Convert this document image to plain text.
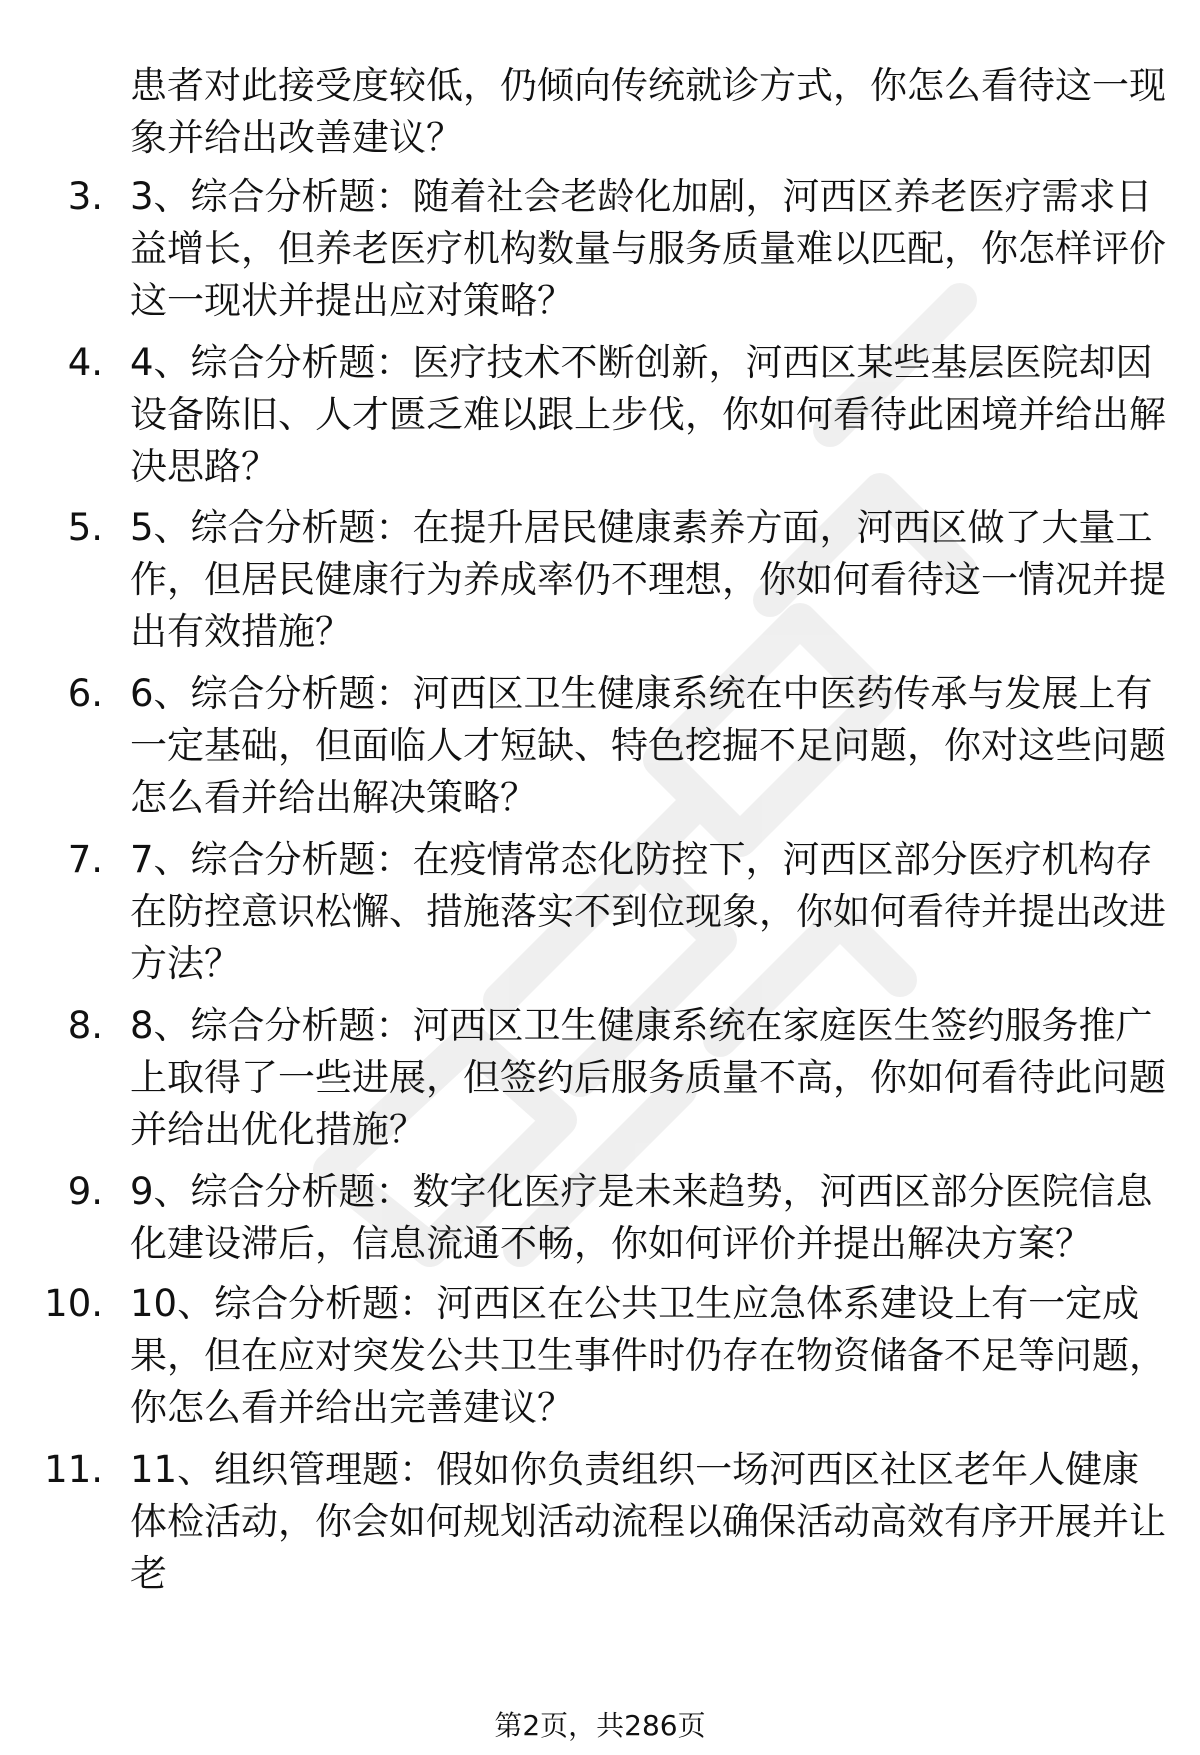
患者对此接受度较低，仍倾向传统就诊方式，你怎么看待这一现象并给出改善建议？

3. 3、综合分析题：随着社会老龄化加剧，河西区养老医疗需求日益增长，但养老医疗机构数量与服务质量难以匹配，你怎样评价这一现状并提出应对策略？

4. 4、综合分析题：医疗技术不断创新，河西区某些基层医院却因设备陈旧、人才匮乏难以跟上步伐，你如何看待此困境并给出解决思路？

5. 5、综合分析题：在提升居民健康素养方面，河西区做了大量工作，但居民健康行为养成率仍不理想，你如何看待这一情况并提出有效措施？

6. 6、综合分析题：河西区卫生健康系统在中医药传承与发展上有一定基础，但面临人才短缺、特色挖掘不足问题，你对这些问题怎么看并给出解决策略？

7. 7、综合分析题：在疫情常态化防控下，河西区部分医疗机构存在防控意识松懈、措施落实不到位现象，你如何看待并提出改进方法？

8. 8、综合分析题：河西区卫生健康系统在家庭医生签约服务推广上取得了一些进展，但签约后服务质量不高，你如何看待此问题并给出优化措施？

9. 9、综合分析题：数字化医疗是未来趋势，河西区部分医院信息化建设滞后，信息流通不畅，你如何评价并提出解决方案？

10. 10、综合分析题：河西区在公共卫生应急体系建设上有一定成果，但在应对突发公共卫生事件时仍存在物资储备不足等问题，你怎么看并给出完善建议？

11. 11、组织管理题：假如你负责组织一场河西区社区老年人健康体检活动，你会如何规划活动流程以确保活动高效有序开展并让老

第2页，共286页
